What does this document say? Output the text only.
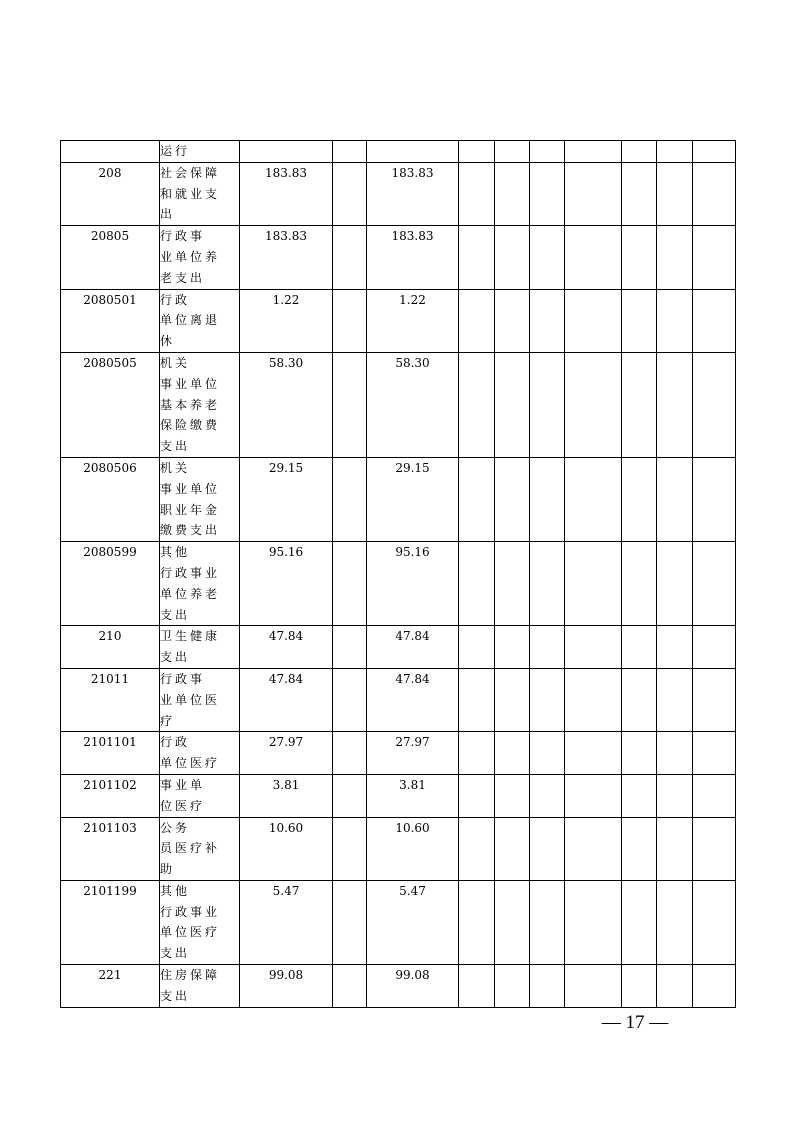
	运行										
208	社会保障
和就业支
出	183.83		183.83							
20805	行政事
业单位养
老支出	183.83		183.83							
2080501	行政
单位离退
休	1.22		1.22							
2080505	机关
事业单位
基本养老
保险缴费
支出	58.30		58.30							
2080506	机关
事业单位
职业年金
缴费支出	29.15		29.15							
2080599	其他
行政事业
单位养老
支出	95.16		95.16							
210	卫生健康
支出	47.84		47.84							
21011	行政事
业单位医
疗	47.84		47.84							
2101101	行政
单位医疗	27.97		27.97							
2101102	事业单
位医疗	3.81		3.81							
2101103	公务
员医疗补
助	10.60		10.60							
2101199	其他
行政事业
单位医疗
支出	5.47		5.47							
221	住房保障
支出	99.08		99.08							
— 17 —
